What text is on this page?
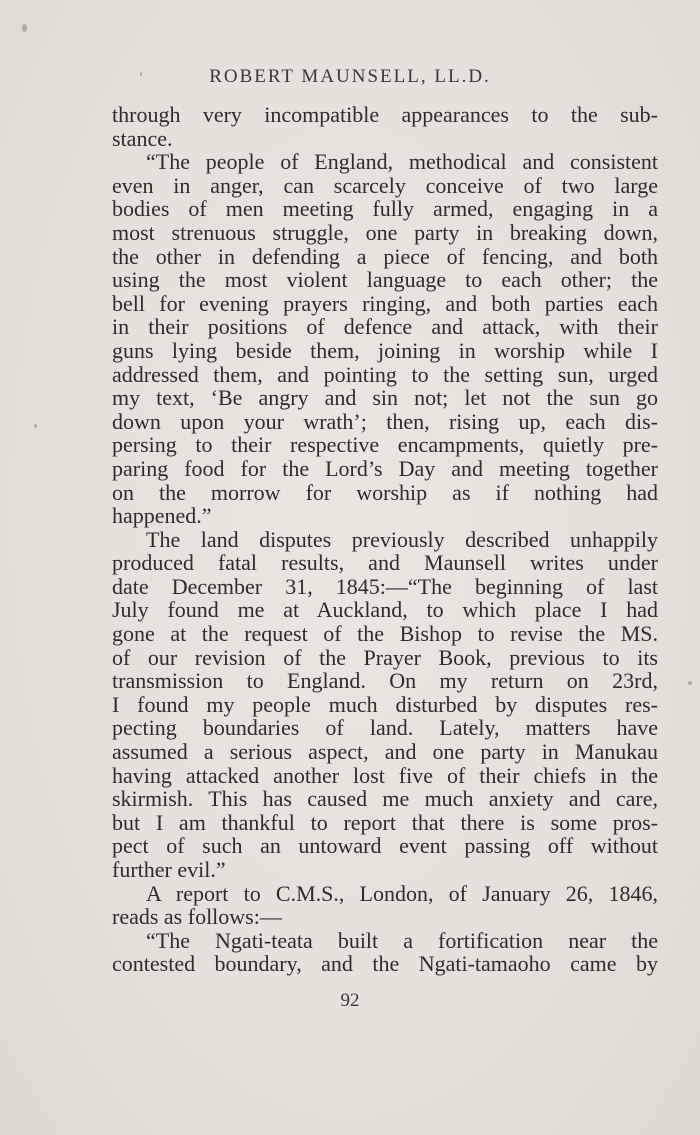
ROBERT MAUNSELL, LL.D.
through very incompatible appearances to the sub-
stance.
“The people of England, methodical and consistent
even in anger, can scarcely conceive of two large
bodies of men meeting fully armed, engaging in a
most strenuous struggle, one party in breaking down,
the other in defending a piece of fencing, and both
using the most violent language to each other; the
bell for evening prayers ringing, and both parties each
in their positions of defence and attack, with their
guns lying beside them, joining in worship while I
addressed them, and pointing to the setting sun, urged
my text, ‘Be angry and sin not; let not the sun go
down upon your wrath’; then, rising up, each dis-
persing to their respective encampments, quietly pre-
paring food for the Lord’s Day and meeting together
on the morrow for worship as if nothing had
happened.”
The land disputes previously described unhappily
produced fatal results, and Maunsell writes under
date December 31, 1845:—“The beginning of last
July found me at Auckland, to which place I had
gone at the request of the Bishop to revise the MS.
of our revision of the Prayer Book, previous to its
transmission to England. On my return on 23rd,
I found my people much disturbed by disputes res-
pecting boundaries of land. Lately, matters have
assumed a serious aspect, and one party in Manukau
having attacked another lost five of their chiefs in the
skirmish. This has caused me much anxiety and care,
but I am thankful to report that there is some pros-
pect of such an untoward event passing off without
further evil.”
A report to C.M.S., London, of January 26, 1846,
reads as follows:—
“The Ngati-teata built a fortification near the
contested boundary, and the Ngati-tamaoho came by
92
